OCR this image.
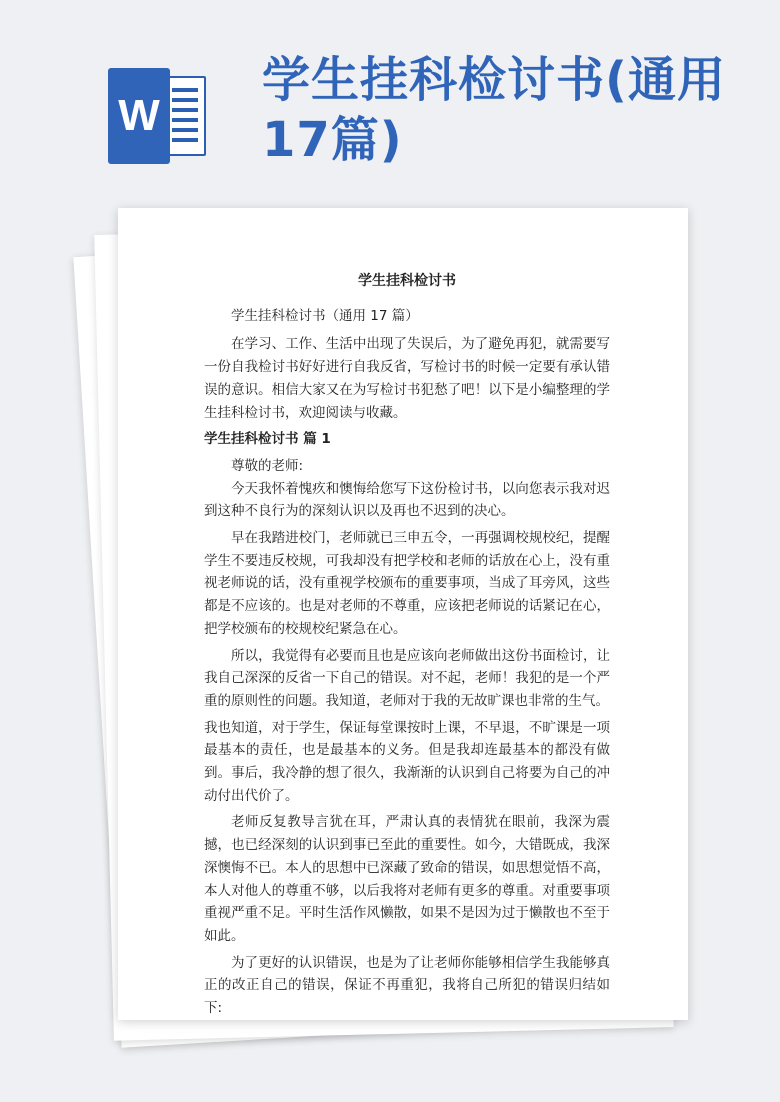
W
学生挂科检讨书(通用17篇)
学生挂科检讨书
学生挂科检讨书（通用 17 篇）
在学习、工作、生活中出现了失误后，为了避免再犯，就需要写一份自我检讨书好好进行自我反省，写检讨书的时候一定要有承认错误的意识。相信大家又在为写检讨书犯愁了吧！以下是小编整理的学生挂科检讨书，欢迎阅读与收藏。
学生挂科检讨书 篇 1
尊敬的老师:
今天我怀着愧疚和懊悔给您写下这份检讨书，以向您表示我对迟到这种不良行为的深刻认识以及再也不迟到的决心。
早在我踏进校门，老师就已三申五令，一再强调校规校纪，提醒学生不要违反校规，可我却没有把学校和老师的话放在心上，没有重视老师说的话，没有重视学校颁布的重要事项，当成了耳旁风，这些都是不应该的。也是对老师的不尊重，应该把老师说的话紧记在心，把学校颁布的校规校纪紧急在心。
所以，我觉得有必要而且也是应该向老师做出这份书面检讨，让我自己深深的反省一下自己的错误。对不起，老师！我犯的是一个严重的原则性的问题。我知道，老师对于我的无故旷课也非常的生气。
我也知道，对于学生，保证每堂课按时上课，不早退，不旷课是一项最基本的责任，也是最基本的义务。但是我却连最基本的都没有做到。事后，我冷静的想了很久，我渐渐的认识到自己将要为自己的冲动付出代价了。
老师反复教导言犹在耳，严肃认真的表情犹在眼前，我深为震撼，也已经深刻的认识到事已至此的重要性。如今，大错既成，我深深懊悔不已。本人的思想中已深藏了致命的错误，如思想觉悟不高，本人对他人的尊重不够，以后我将对老师有更多的尊重。对重要事项重视严重不足。平时生活作风懒散，如果不是因为过于懒散也不至于如此。
为了更好的认识错误，也是为了让老师你能够相信学生我能够真正的改正自己的错误，保证不再重犯，我将自己所犯的错误归结如下:
